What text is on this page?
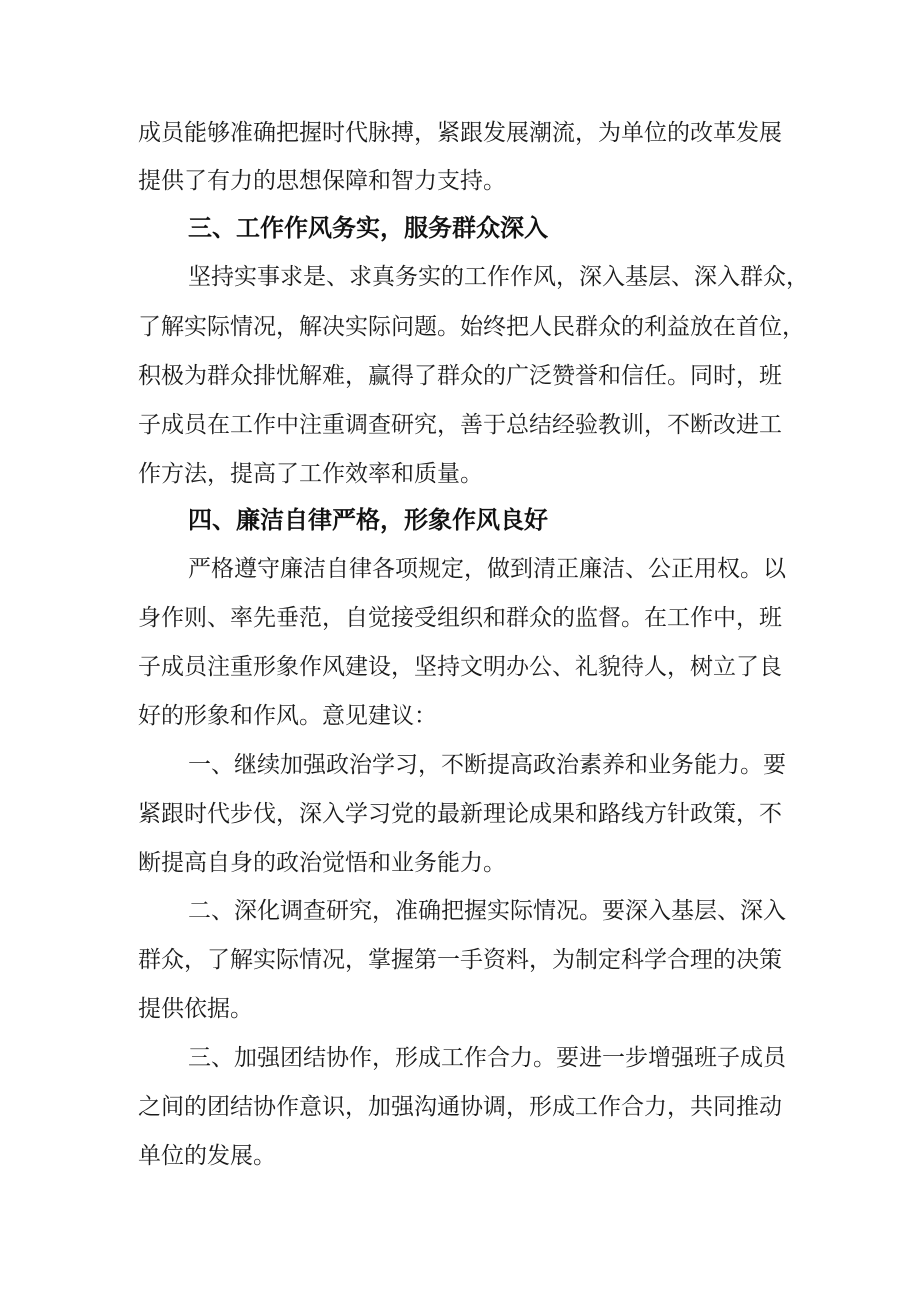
成员能够准确把握时代脉搏，紧跟发展潮流，为单位的改革发展

提供了有力的思想保障和智力支持。

三、工作作风务实，服务群众深入

坚持实事求是、求真务实的工作作风，深入基层、深入群众，

了解实际情况，解决实际问题。始终把人民群众的利益放在首位，

积极为群众排忧解难，赢得了群众的广泛赞誉和信任。同时，班

子成员在工作中注重调查研究，善于总结经验教训，不断改进工

作方法，提高了工作效率和质量。

四、廉洁自律严格，形象作风良好

严格遵守廉洁自律各项规定，做到清正廉洁、公正用权。以

身作则、率先垂范，自觉接受组织和群众的监督。在工作中，班

子成员注重形象作风建设，坚持文明办公、礼貌待人，树立了良

好的形象和作风。意见建议：

一、继续加强政治学习，不断提高政治素养和业务能力。要

紧跟时代步伐，深入学习党的最新理论成果和路线方针政策，不

断提高自身的政治觉悟和业务能力。

二、深化调查研究，准确把握实际情况。要深入基层、深入

群众，了解实际情况，掌握第一手资料，为制定科学合理的决策

提供依据。

三、加强团结协作，形成工作合力。要进一步增强班子成员

之间的团结协作意识，加强沟通协调，形成工作合力，共同推动

单位的发展。
